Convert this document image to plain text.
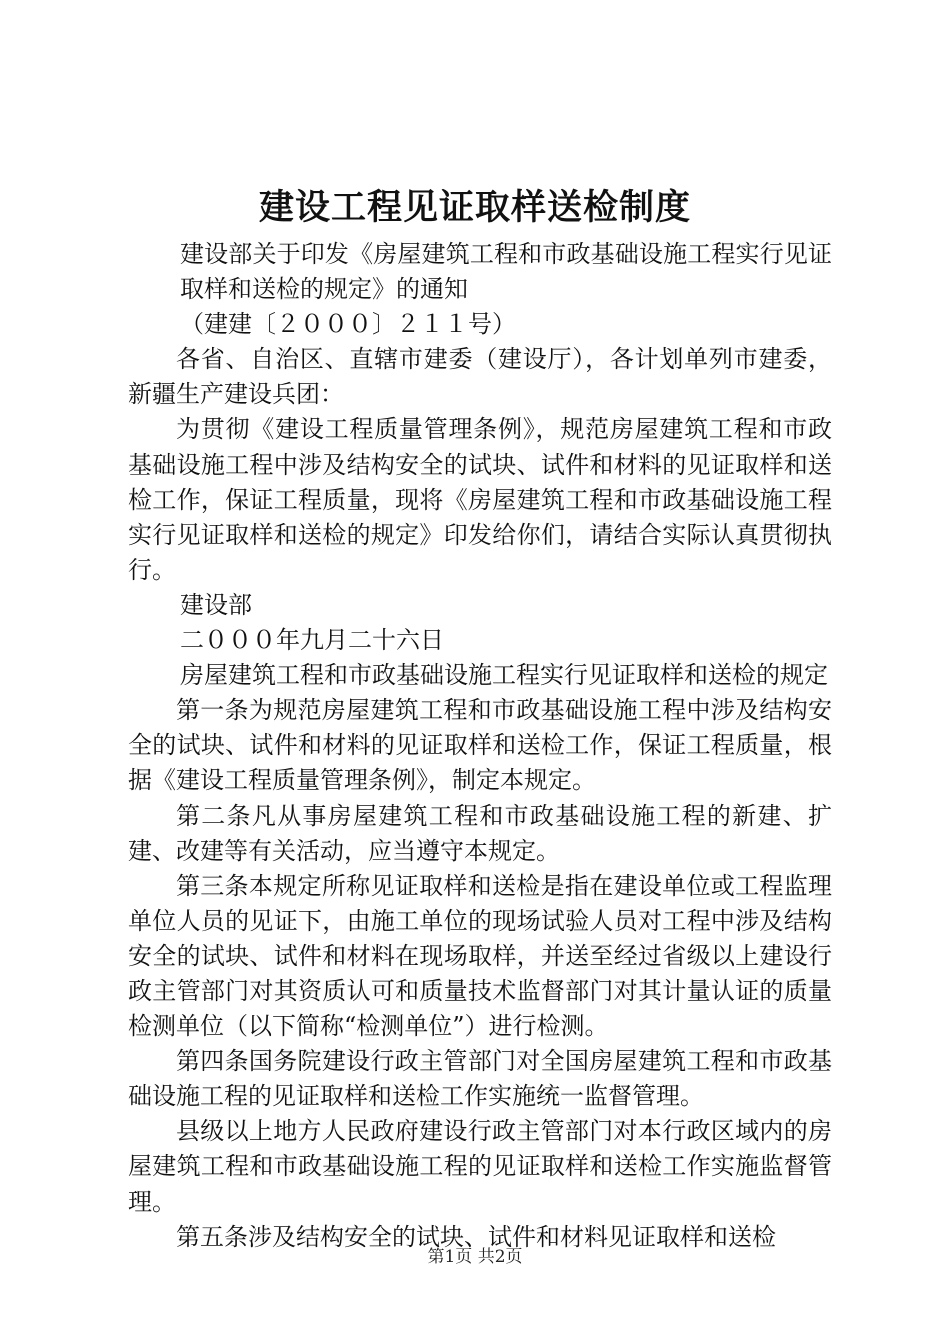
建设工程见证取样送检制度

建设部关于印发《房屋建筑工程和市政基础设施工程实行见证取样和送检的规定》的通知

（建建〔２０００〕２１１号）

各省、自治区、直辖市建委（建设厅），各计划单列市建委，新疆生产建设兵团：

为贯彻《建设工程质量管理条例》，规范房屋建筑工程和市政基础设施工程中涉及结构安全的试块、试件和材料的见证取样和送检工作，保证工程质量，现将《房屋建筑工程和市政基础设施工程实行见证取样和送检的规定》印发给你们，请结合实际认真贯彻执行。

建设部

二０００年九月二十六日

房屋建筑工程和市政基础设施工程实行见证取样和送检的规定

第一条为规范房屋建筑工程和市政基础设施工程中涉及结构安全的试块、试件和材料的见证取样和送检工作，保证工程质量，根据《建设工程质量管理条例》，制定本规定。

第二条凡从事房屋建筑工程和市政基础设施工程的新建、扩建、改建等有关活动，应当遵守本规定。

第三条本规定所称见证取样和送检是指在建设单位或工程监理单位人员的见证下，由施工单位的现场试验人员对工程中涉及结构安全的试块、试件和材料在现场取样，并送至经过省级以上建设行政主管部门对其资质认可和质量技术监督部门对其计量认证的质量检测单位（以下简称“检测单位”）进行检测。

第四条国务院建设行政主管部门对全国房屋建筑工程和市政基础设施工程的见证取样和送检工作实施统一监督管理。

县级以上地方人民政府建设行政主管部门对本行政区域内的房屋建筑工程和市政基础设施工程的见证取样和送检工作实施监督管理。

第五条涉及结构安全的试块、试件和材料见证取样和送检

第1页 共2页
